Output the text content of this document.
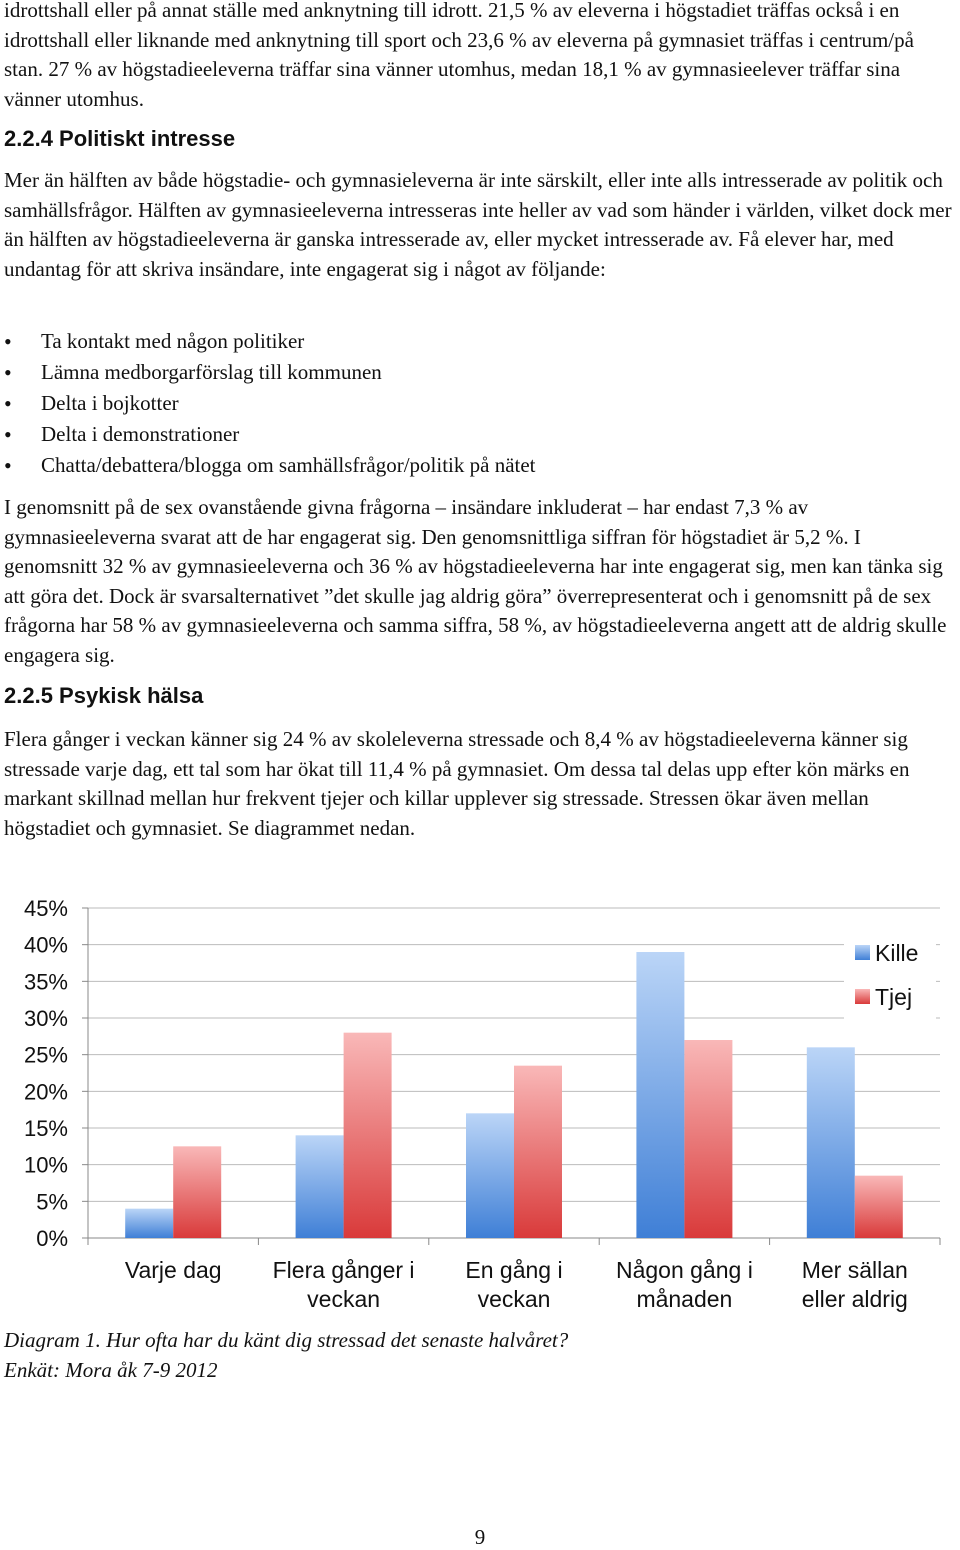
idrottshall eller på annat ställe med anknytning till idrott. 21,5 % av eleverna i högstadiet träffas också i en idrottshall eller liknande med anknytning till sport och 23,6 % av eleverna på gymnasiet träffas i centrum/på stan. 27 % av högstadieeleverna träffar sina vänner utomhus, medan 18,1 % av gymnasieelever träffar sina vänner utomhus.

2.2.4 Politiskt intresse

Mer än hälften av både högstadie- och gymnasieleverna är inte särskilt, eller inte alls intresserade av politik och samhällsfrågor. Hälften av gymnasieeleverna intresseras inte heller av vad som händer i världen, vilket dock mer än hälften av högstadieeleverna är ganska intresserade av, eller mycket intresserade av. Få elever har, med undantag för att skriva insändare, inte engagerat sig i något av följande:

• Ta kontakt med någon politiker
• Lämna medborgarförslag till kommunen
• Delta i bojkotter
• Delta i demonstrationer
• Chatta/debattera/blogga om samhällsfrågor/politik på nätet

I genomsnitt på de sex ovanstående givna frågorna – insändare inkluderat – har endast 7,3 % av gymnasieeleverna svarat att de har engagerat sig. Den genomsnittliga siffran för högstadiet är 5,2 %. I genomsnitt 32 % av gymnasieeleverna och 36 % av högstadieeleverna har inte engagerat sig, men kan tänka sig att göra det. Dock är svarsalternativet ”det skulle jag aldrig göra” överrepresenterat och i genomsnitt på de sex frågorna har 58 % av gymnasieeleverna och samma siffra, 58 %, av högstadieeleverna angett att de aldrig skulle engagera sig.

2.2.5 Psykisk hälsa

Flera gånger i veckan känner sig 24 % av skoleleverna stressade och 8,4 % av högstadieeleverna känner sig stressade varje dag, ett tal som har ökat till 11,4 % på gymnasiet. Om dessa tal delas upp efter kön märks en markant skillnad mellan hur frekvent tjejer och killar upplever sig stressade. Stressen ökar även mellan högstadiet och gymnasiet. Se diagrammet nedan.

0%
5%
10%
15%
20%
25%
30%
35%
40%
45%
Varje dag Flera gånger i
veckan
En gång i
veckan
Någon gång i
månaden
Mer sällan
eller aldrig
Kille
Tjej

Diagram 1. Hur ofta har du känt dig stressad det senaste halvåret?
Enkät: Mora åk 7-9 2012

9
